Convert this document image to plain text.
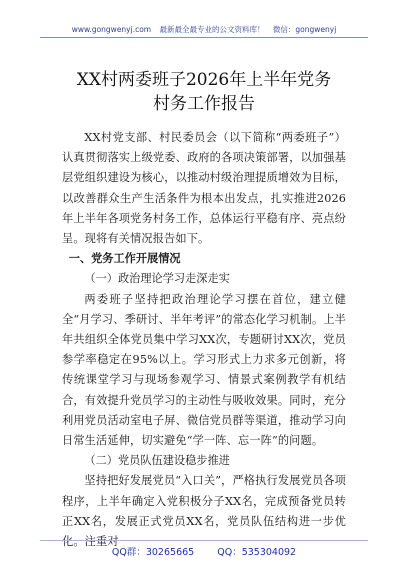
www.gongwenyj.com 最新最全最专业的公文资料库！ 微信：gongwenyj
XX村两委班子2026年上半年党务村务工作报告

XX村党支部、村民委员会（以下简称“两委班子”）认真贯彻落实上级党委、政府的各项决策部署，以加强基层党组织建设为核心，以推动村级治理提质增效为目标，以改善群众生产生活条件为根本出发点，扎实推进2026年上半年各项党务村务工作，总体运行平稳有序、亮点纷呈。现将有关情况报告如下。

一、党务工作开展情况

（一）政治理论学习走深走实

两委班子坚持把政治理论学习摆在首位，建立健全“月学习、季研讨、半年考评”的常态化学习机制。上半年共组织全体党员集中学习XX次，专题研讨XX次，党员参学率稳定在95%以上。学习形式上力求多元创新，将传统课堂学习与现场参观学习、情景式案例教学有机结合，有效提升党员学习的主动性与吸收效果。同时，充分利用党员活动室电子屏、微信党员群等渠道，推动学习向日常生活延伸，切实避免“学一阵、忘一阵”的问题。

（二）党员队伍建设稳步推进

坚持把好发展党员“入口关”，严格执行发展党员各项程序，上半年确定入党积极分子XX名，完成预备党员转正XX名，发展正式党员XX名，党员队伍结构进一步优化。注重对

QQ群：30265665 QQ：535304092
